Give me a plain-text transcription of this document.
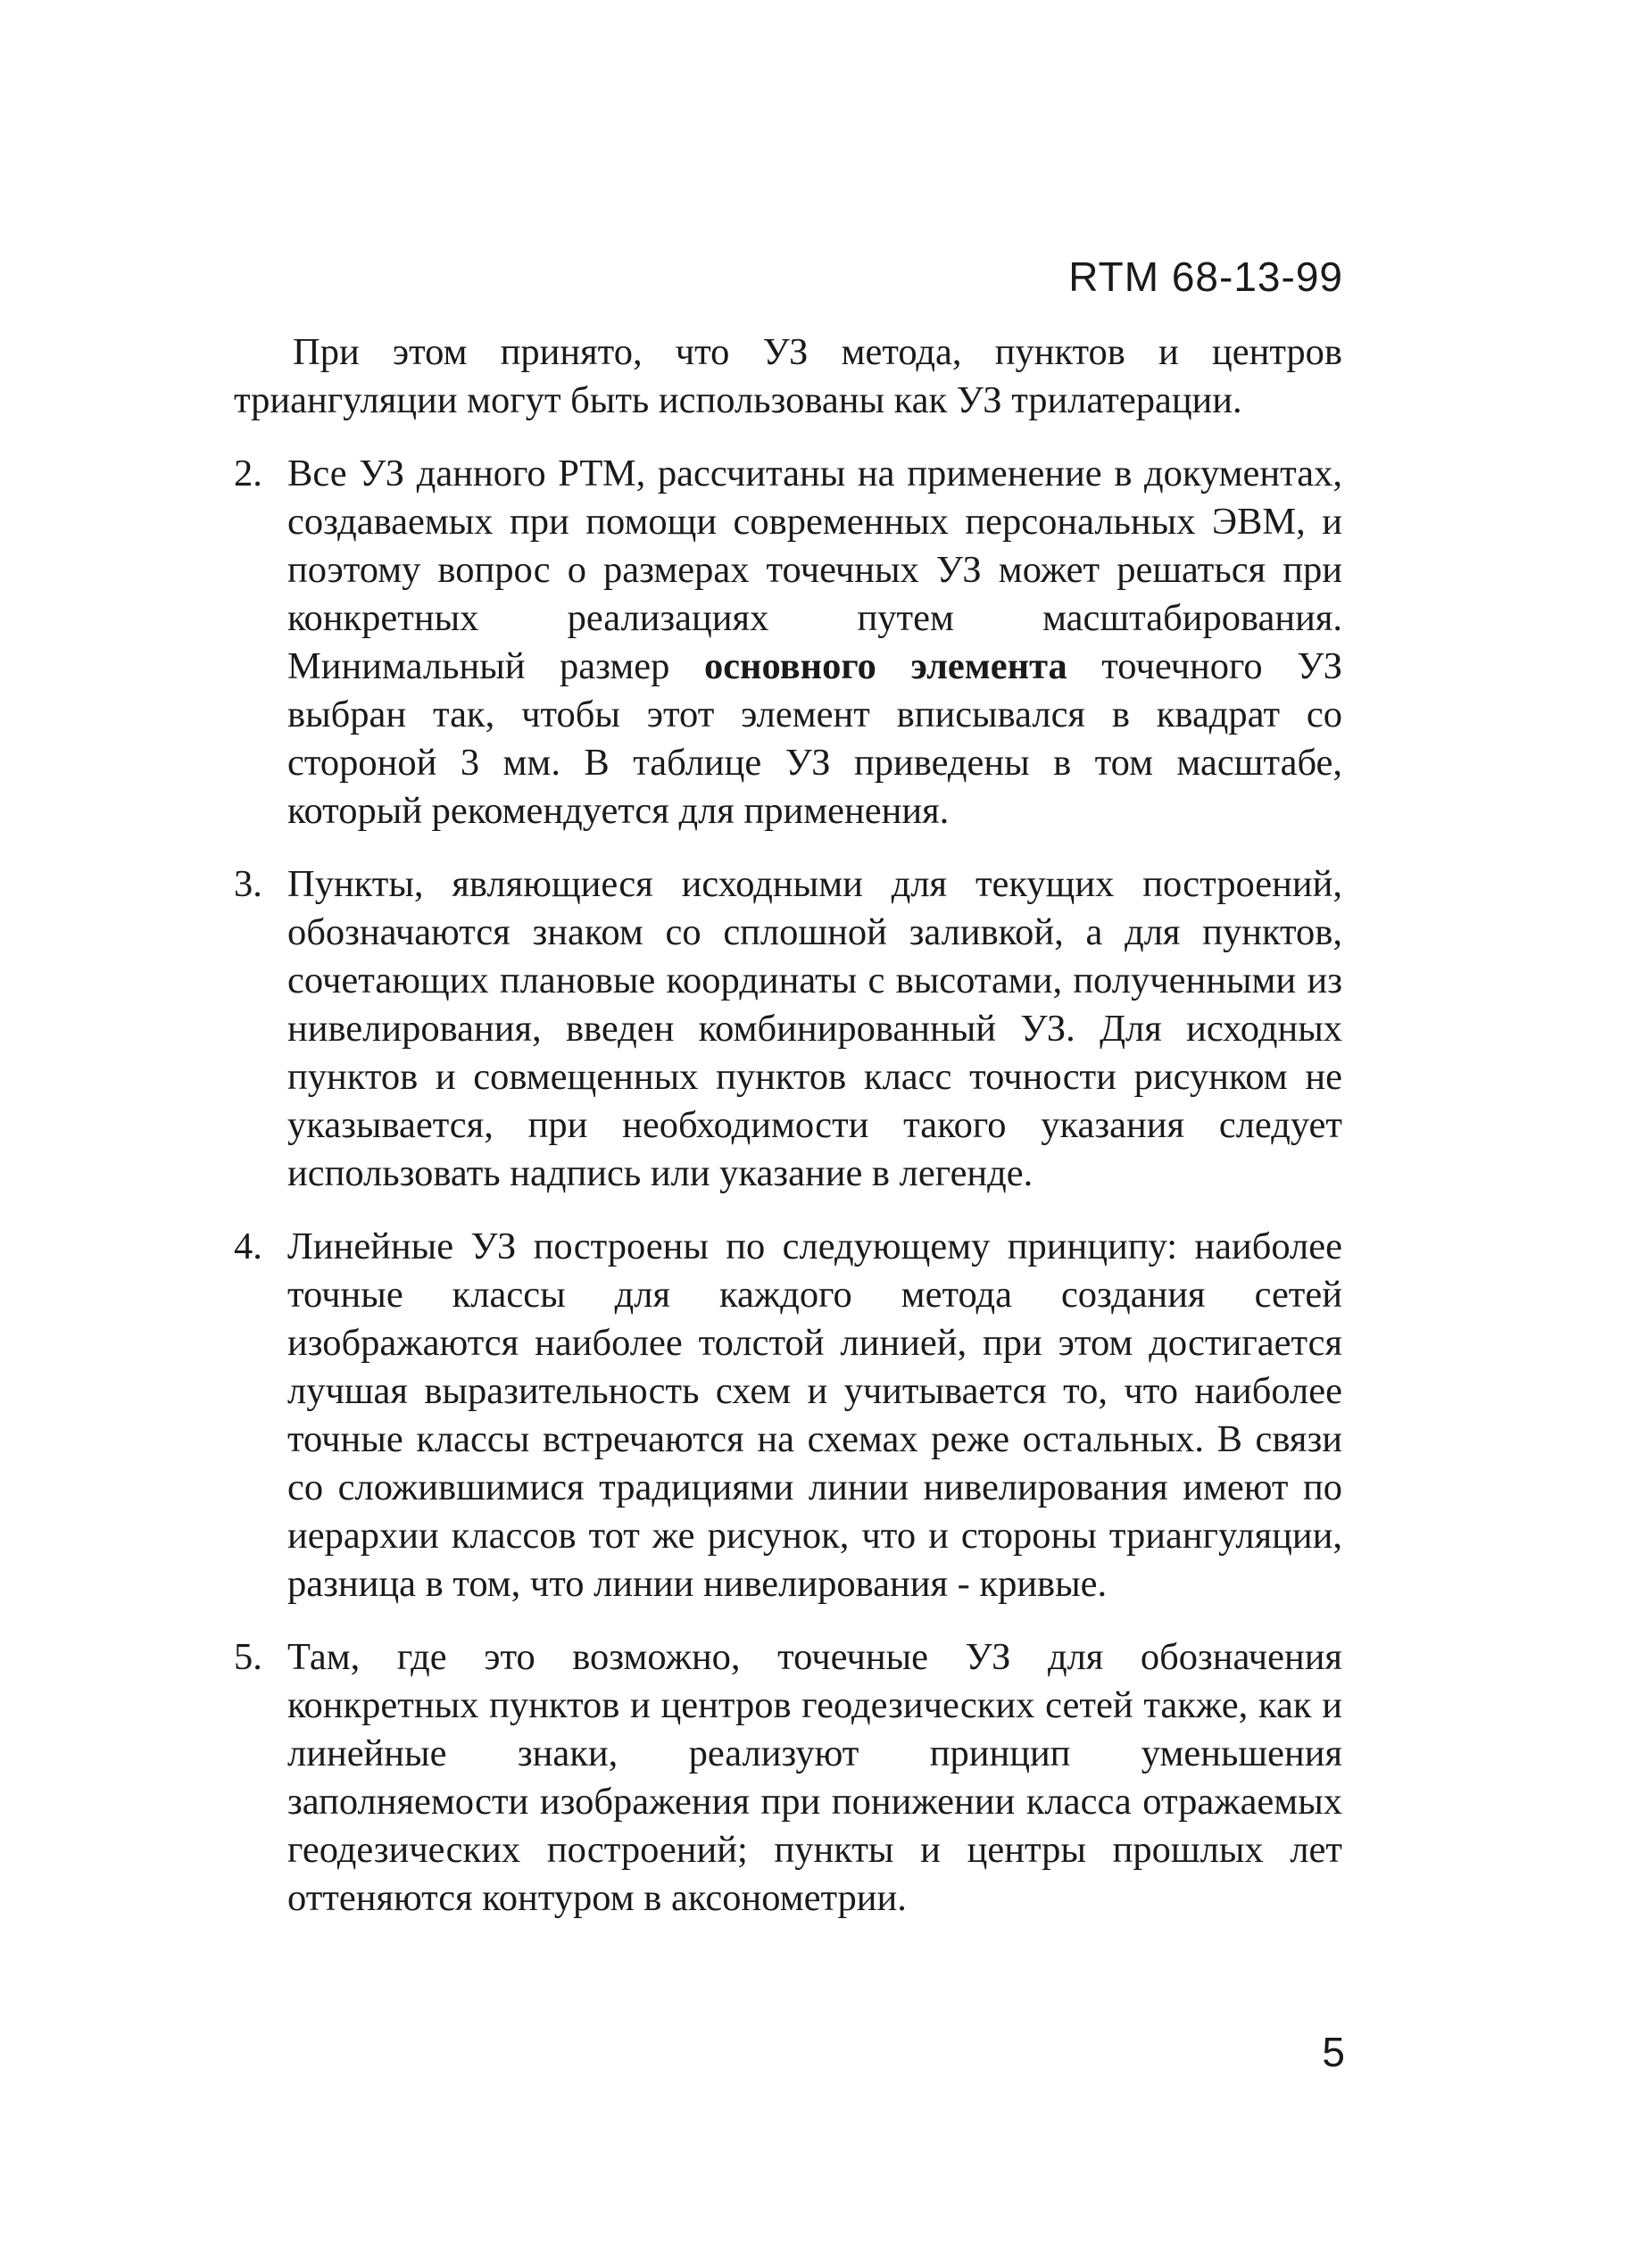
RTM 68-13-99

При этом принято, что УЗ метода, пунктов и центров триангуляции могут быть использованы как УЗ трилатерации.

2. Все УЗ данного РТМ, рассчитаны на применение в документах, создаваемых при помощи современных персональных ЭВМ, и поэтому вопрос о размерах точечных УЗ может решаться при конкретных реализациях путем масштабирования. Минимальный размер основного элемента точечного УЗ выбран так, чтобы этот элемент вписывался в квадрат со стороной 3 мм. В таблице УЗ приведены в том масштабе, который рекомендуется для применения.
3. Пункты, являющиеся исходными для текущих построений, обозначаются знаком со сплошной заливкой, а для пунктов, сочетающих плановые координаты с высотами, полученными из нивелирования, введен комбинированный УЗ. Для исходных пунктов и совмещенных пунктов класс точности рисунком не указывается, при необходимости такого указания следует использовать надпись или указание в легенде.
4. Линейные УЗ построены по следующему принципу: наиболее точные классы для каждого метода создания сетей изображаются наиболее толстой линией, при этом достигается лучшая выразительность схем и учитывается то, что наиболее точные классы встречаются на схемах реже остальных. В связи со сложившимися традициями линии нивелирования имеют по иерархии классов тот же рисунок, что и стороны триангуляции, разница в том, что линии нивелирования - кривые.
5. Там, где это возможно, точечные УЗ для обозначения конкретных пунктов и центров геодезических сетей также, как и линейные знаки, реализуют принцип уменьшения заполняемости изображения при понижении класса отражаемых геодезических построений; пункты и центры прошлых лет оттеняются контуром в аксонометрии.
5
